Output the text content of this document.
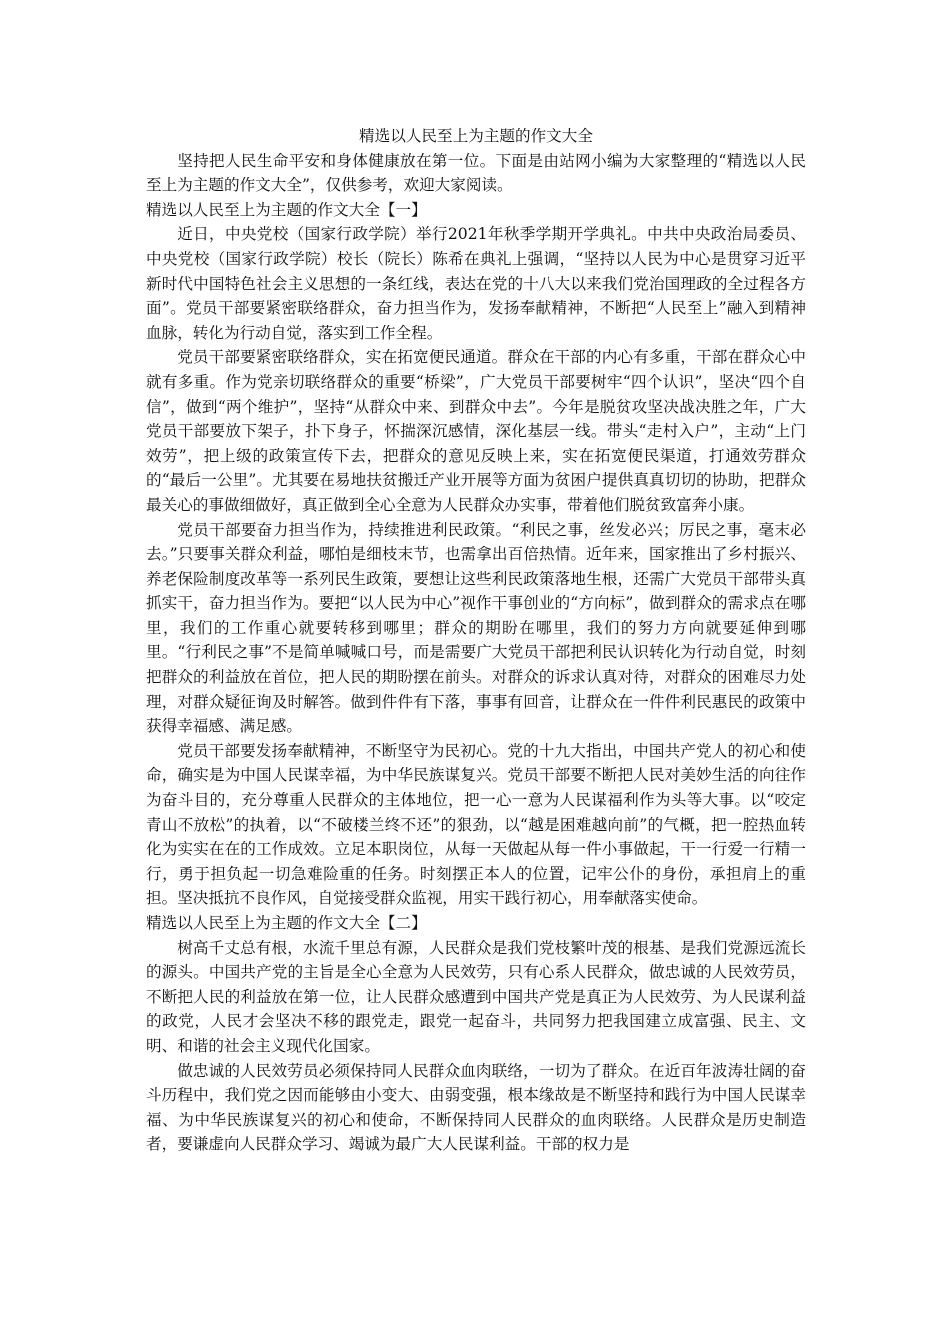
精选以人民至上为主题的作文大全

坚持把人民生命平安和身体健康放在第一位。下面是由站网小编为大家整理的“精选以人民至上为主题的作文大全”，仅供参考，欢迎大家阅读。

精选以人民至上为主题的作文大全【一】

近日，中央党校（国家行政学院）举行2021年秋季学期开学典礼。中共中央政治局委员、中央党校（国家行政学院）校长（院长）陈希在典礼上强调，“坚持以人民为中心是贯穿习近平新时代中国特色社会主义思想的一条红线，表达在党的十八大以来我们党治国理政的全过程各方面”。党员干部要紧密联络群众，奋力担当作为，发扬奉献精神，不断把“人民至上”融入到精神血脉，转化为行动自觉，落实到工作全程。

党员干部要紧密联络群众，实在拓宽便民通道。群众在干部的内心有多重，干部在群众心中就有多重。作为党亲切联络群众的重要“桥梁”，广大党员干部要树牢“四个认识”，坚决“四个自信”，做到“两个维护”，坚持“从群众中来、到群众中去”。今年是脱贫攻坚决战决胜之年，广大党员干部要放下架子，扑下身子，怀揣深沉感情，深化基层一线。带头“走村入户”，主动“上门效劳”，把上级的政策宣传下去，把群众的意见反映上来，实在拓宽便民渠道，打通效劳群众的“最后一公里”。尤其要在易地扶贫搬迁产业开展等方面为贫困户提供真真切切的协助，把群众最关心的事做细做好，真正做到全心全意为人民群众办实事，带着他们脱贫致富奔小康。

党员干部要奋力担当作为，持续推进利民政策。“利民之事，丝发必兴；厉民之事，毫末必去。”只要事关群众利益，哪怕是细枝末节，也需拿出百倍热情。近年来，国家推出了乡村振兴、养老保险制度改革等一系列民生政策，要想让这些利民政策落地生根，还需广大党员干部带头真抓实干，奋力担当作为。要把“以人民为中心”视作干事创业的“方向标”，做到群众的需求点在哪里，我们的工作重心就要转移到哪里；群众的期盼在哪里，我们的努力方向就要延伸到哪里。“行利民之事”不是简单喊喊口号，而是需要广大党员干部把利民认识转化为行动自觉，时刻把群众的利益放在首位，把人民的期盼摆在前头。对群众的诉求认真对待，对群众的困难尽力处理，对群众疑征询及时解答。做到件件有下落，事事有回音，让群众在一件件利民惠民的政策中获得幸福感、满足感。

党员干部要发扬奉献精神，不断坚守为民初心。党的十九大指出，中国共产党人的初心和使命，确实是为中国人民谋幸福，为中华民族谋复兴。党员干部要不断把人民对美妙生活的向往作为奋斗目的，充分尊重人民群众的主体地位，把一心一意为人民谋福利作为头等大事。以“咬定青山不放松”的执着，以“不破楼兰终不还”的狠劲，以“越是困难越向前”的气概，把一腔热血转化为实实在在的工作成效。立足本职岗位，从每一天做起从每一件小事做起，干一行爱一行精一行，勇于担负起一切急难险重的任务。时刻摆正本人的位置，记牢公仆的身份，承担肩上的重担。坚决抵抗不良作风，自觉接受群众监视，用实干践行初心，用奉献落实使命。

精选以人民至上为主题的作文大全【二】

树高千丈总有根，水流千里总有源，人民群众是我们党枝繁叶茂的根基、是我们党源远流长的源头。中国共产党的主旨是全心全意为人民效劳，只有心系人民群众，做忠诚的人民效劳员，不断把人民的利益放在第一位，让人民群众感遭到中国共产党是真正为人民效劳、为人民谋利益的政党，人民才会坚决不移的跟党走，跟党一起奋斗，共同努力把我国建立成富强、民主、文明、和谐的社会主义现代化国家。

做忠诚的人民效劳员必须保持同人民群众血肉联络，一切为了群众。在近百年波涛壮阔的奋斗历程中，我们党之因而能够由小变大、由弱变强，根本缘故是不断坚持和践行为中国人民谋幸福、为中华民族谋复兴的初心和使命，不断保持同人民群众的血肉联络。人民群众是历史制造者，要谦虚向人民群众学习、竭诚为最广大人民谋利益。干部的权力是
